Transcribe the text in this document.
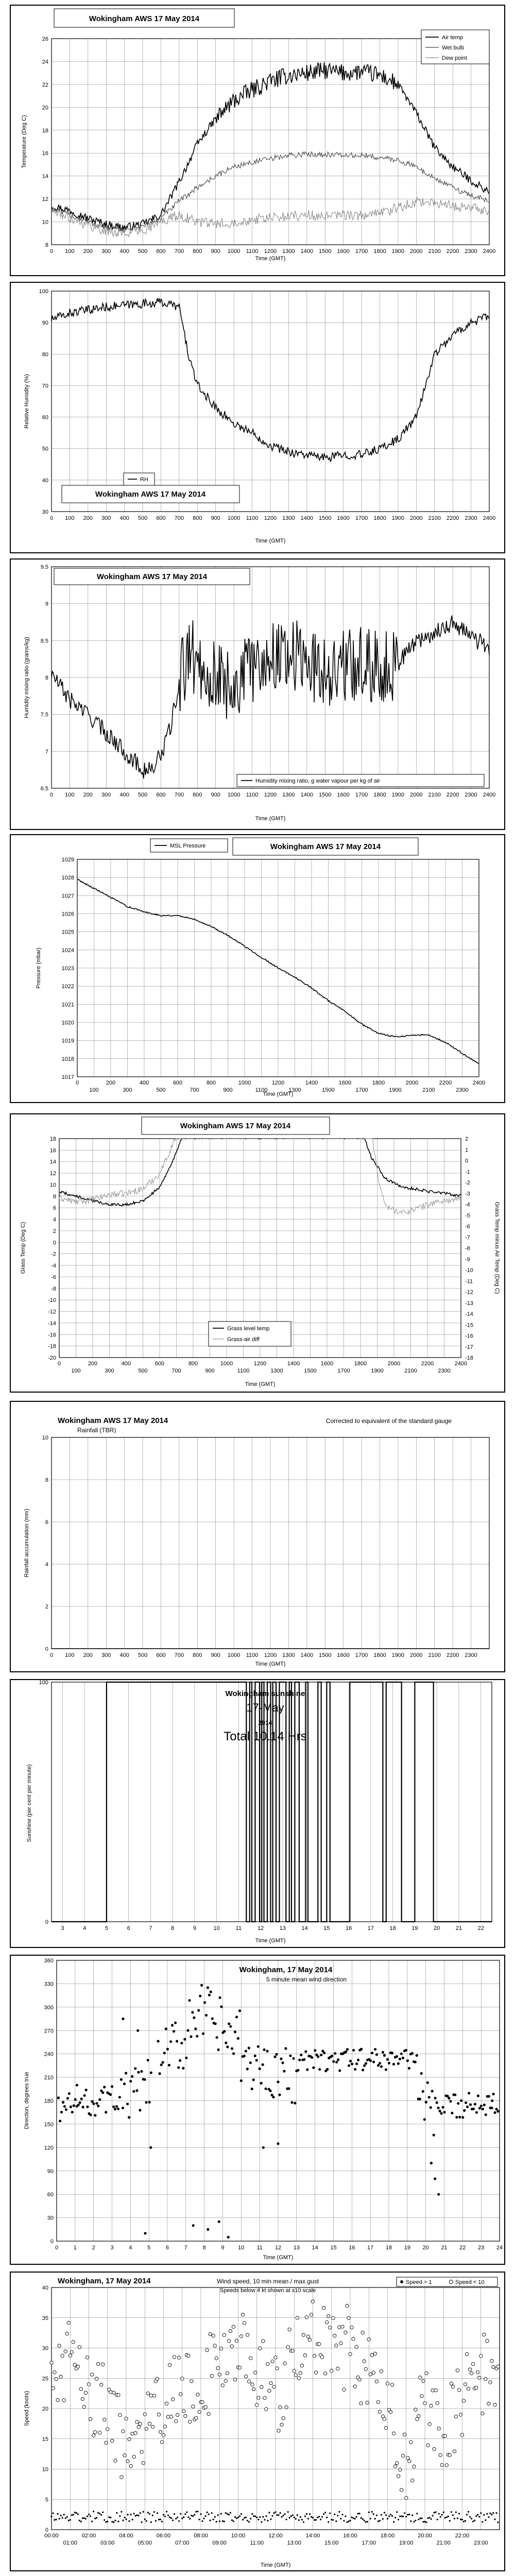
Wokingham AWS 17 May 2014
8
10
12
14
16
18
20
22
24
26
0 100 200 300 400 500 600 700 800 900 1000 1100 1200 1300 1400 1500 1600 1700 1800 1900 2000 2100 2200 2300 2400
Time (GMT)
Temperature (Deg C)
Air temp
Wet bulb
Dew point
30
40
50
60
70
80
90
100
0 100 200 300 400 500 600 700 800 900 1000 1100 1200 1300 1400 1500 1600 1700 1800 1900 2000 2100 2200 2300 2400
Time (GMT)
Relative Humidity (%)
RH
Wokingham AWS 17 May 2014
6.5
7
7.5
8
8.5
9
9.5
0 100 200 300 400 500 600 700 800 900 1000 1100 1200 1300 1400 1500 1600 1700 1800 1900 2000 2100 2200 2300 2400
Time (GMT)
Humidity mixing ratio (grams/kg)
Wokingham AWS 17 May 2014
Humidity mixing ratio, g water vapour per kg of air
1017
1018
1019
1020
1021
1022
1023
1024
1025
1026
1027
1028
1029
0	200	400	600	800	1000	1200	1400	1600	1800	2000	2200	2400
100	300	500	700	900	1100	1300	1500	1700	1900	2100	2300
Time (GMT)
Pressure (mbar)
MSL Pressure	Wokingham AWS 17 May 2014
18
16
14
12
10
8
6
4
2
0
-2
-4
-6
-8
-10
-12
-14
-16
-18
-20
2
1
0
-1
-2
-3
-4
-5
-6
-7
-8
-9
-10
-11
-12
-13
-14
-15
-16
-17
-18
0	200	400	600	800	1000	1200	1400	1600	1800	2000	2200	2400
100	300	500	700	900	1100	1300	1500	1700	1900	2100	2300
Time (GMT)
Grass Temp (Deg C)	Grass Temp minus Air Temp (Deg C)
Wokingham AWS 17 May 2014
Grass level temp
Grass-air diff
0
2
4
6
8
10
0 100 200 300 400 500 600 700 800 900 1000 1100 1200 1300 1400 1500 1600 1700 1800 1900 2000 2100 2200 2300
Wokingham AWS 17 May 2014
Rainfall (TBR)
Corrected to equivalent of the standard gauge
Time (GMT)
Rainfall accumulation (mm)
0
100
3	4	5	6	7	8	9	10	11	12	13	14	15	16	17	18	19	20	21	22
Wokingham sunshine
17-May
2014
Total 10.14 Hrs
Time (GMT)
Sunshine (per cent per minute)
0
30
60
90
120
150
180
210
240
270
300
330
360
0	1	2	3	4	5	6	7	8	9 10 11 12 13 14 15 16 17 18 19 20 21 22 23 24
Wokingham, 17 May 2014
5 minute mean wind direction
Time (GMT)
Direction, degrees true
0
5
10
15
20
25
30
35
40
00:00	02:00	04:00	06:00	08:00	10:00	12:00	14:00	16:00	18:00	20:00	22:00
01:00	03:00	05:00	07:00	09:00	11:00	13:00	15:00	17:00	19:00	21:00	23:00
Wokingham, 17 May 2014	Wind speed, 10 min mean / max gust
Speeds below 4 kt shown at x10 scale
Speed > 1	Speed < 10
Time (GMT)
Speed (knots)
